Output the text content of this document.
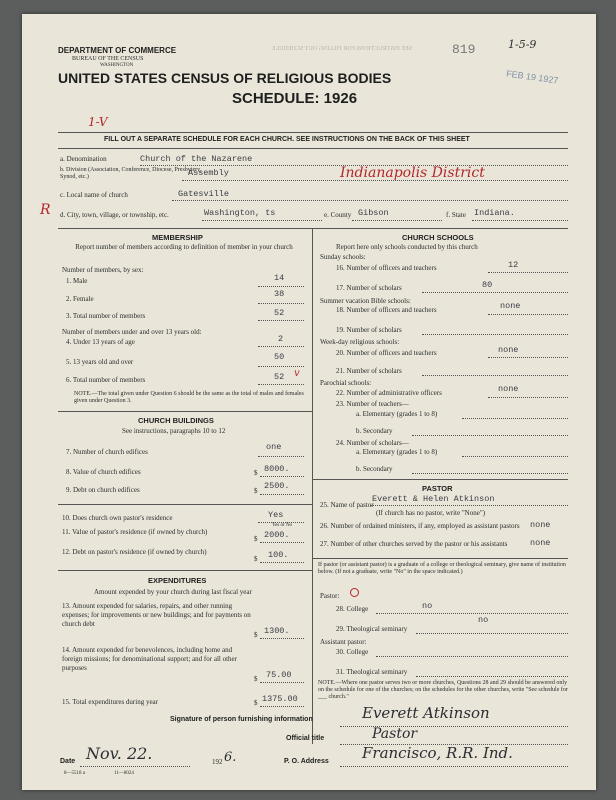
DEPARTMENT OF COMMERCE
BUREAU OF THE CENSUS
WASHINGTON
UNITED STATES CENSUS OF RELIGIOUS BODIES
SCHEDULE: 1926
1-V
SEE INSTRUCTIONS FOR FILLING OUT SCHEDULE	819	1-5-9
FEB 19 1927
FILL OUT A SEPARATE SCHEDULE FOR EACH CHURCH. SEE INSTRUCTIONS ON THE BACK OF THIS SHEET
a. Denomination	Church of the Nazarene
b. Division (Association, Conference, Diocese, Presbytery, Synod, etc.)	Assembly	Indianapolis District
c. Local name of church	Gatesville
R d. City, town, village, or township, etc.	Washington, ts	e. County Gibson	f. State Indiana.
MEMBERSHIP
Report number of members according to definition of member in your church
Number of members, by sex:
1. Male	14
2. Female	38
3. Total number of members	52
Number of members under and over 13 years old:
4. Under 13 years of age	2
5. 13 years old and over	50
6. Total number of members	52 v
NOTE.—The total given under Question 6 should be the same as the total of males and females given under Question 3.
CHURCH BUILDINGS
See instructions, paragraphs 10 to 12
7. Number of church edifices	one
8. Value of church edifices	$ 8000.
9. Debt on church edifices	$ 2500.
10. Does church own pastor's residence	Yes
Yes or No
11. Value of pastor's residence (if owned by church)
$ 2000.
12. Debt on pastor's residence (if owned by church)
$ 100.
EXPENDITURES
Amount expended by your church during last fiscal year
13. Amount expended for salaries, repairs, and other running expenses; for improvements or new buildings; and for payments on church debt
$ 1300.
14. Amount expended for benevolences, including home and foreign missions; for denominational support; and for all other purposes
$ 75.00
15. Total expenditures during year	$ 1375.00
CHURCH SCHOOLS
Report here only schools conducted by this church
Sunday schools:
16. Number of officers and teachers	12
17. Number of scholars	80
Summer vacation Bible schools:
18. Number of officers and teachers	none
19. Number of scholars
Week-day religious schools:
20. Number of officers and teachers	none
21. Number of scholars
Parochial schools:
22. Number of administrative officers	none
23. Number of teachers—
a. Elementary (grades 1 to 8)
b. Secondary
24. Number of scholars—
a. Elementary (grades 1 to 8)
b. Secondary
PASTOR
25. Name of pastor
Everett & Helen Atkinson
(If church has no pastor, write "None")
26. Number of ordained ministers, if any, employed as assistant pastors	none
27. Number of other churches served by the pastor or his assistants	none
If pastor (or assistant pastor) is a graduate of a college or theological seminary, give name of institution below. (If not a graduate, write "No" in the space indicated.)
Pastor:
28. College	no
29. Theological seminary
no
Assistant pastor:
30. College
31. Theological seminary
NOTE.—Where one pastor serves two or more churches, Questions 28 and 29 should be answered only on the schedule for one of the churches; on the schedules for the other churches, write "See schedule for ___ church."
Signature of person furnishing information	Everett Atkinson
Official title	Pastor
Date Nov. 22.	192 6.	P. O. Address Francisco, R.R. Ind.
8—5518 a	11—8024
